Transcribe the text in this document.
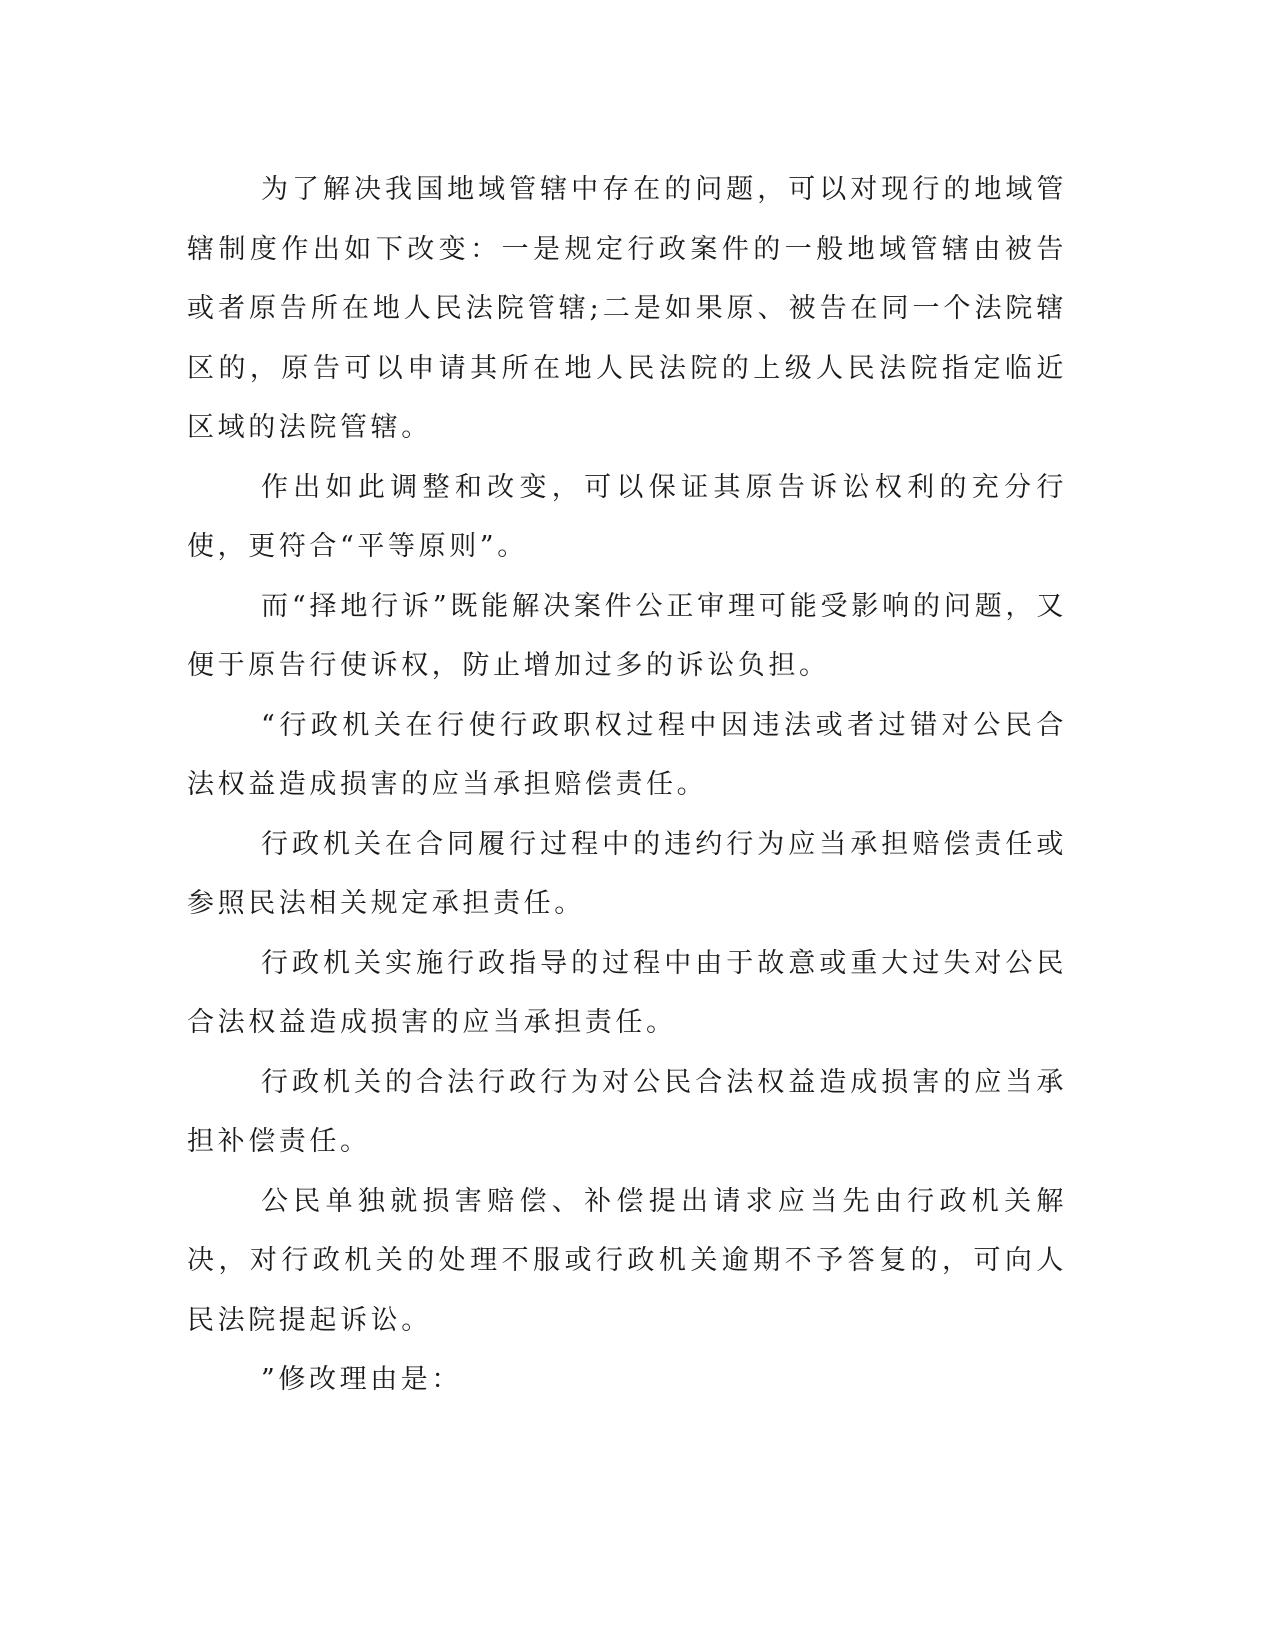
为了解决我国地域管辖中存在的问题，可以对现行的地域管辖制度作出如下改变：一是规定行政案件的一般地域管辖由被告或者原告所在地人民法院管辖;二是如果原、被告在同一个法院辖区的，原告可以申请其所在地人民法院的上级人民法院指定临近区域的法院管辖。

作出如此调整和改变，可以保证其原告诉讼权利的充分行使，更符合“平等原则”。

而“择地行诉”既能解决案件公正审理可能受影响的问题，又便于原告行使诉权，防止增加过多的诉讼负担。

“行政机关在行使行政职权过程中因违法或者过错对公民合法权益造成损害的应当承担赔偿责任。

行政机关在合同履行过程中的违约行为应当承担赔偿责任或参照民法相关规定承担责任。

行政机关实施行政指导的过程中由于故意或重大过失对公民合法权益造成损害的应当承担责任。

行政机关的合法行政行为对公民合法权益造成损害的应当承担补偿责任。

公民单独就损害赔偿、补偿提出请求应当先由行政机关解决，对行政机关的处理不服或行政机关逾期不予答复的，可向人民法院提起诉讼。

”修改理由是：
